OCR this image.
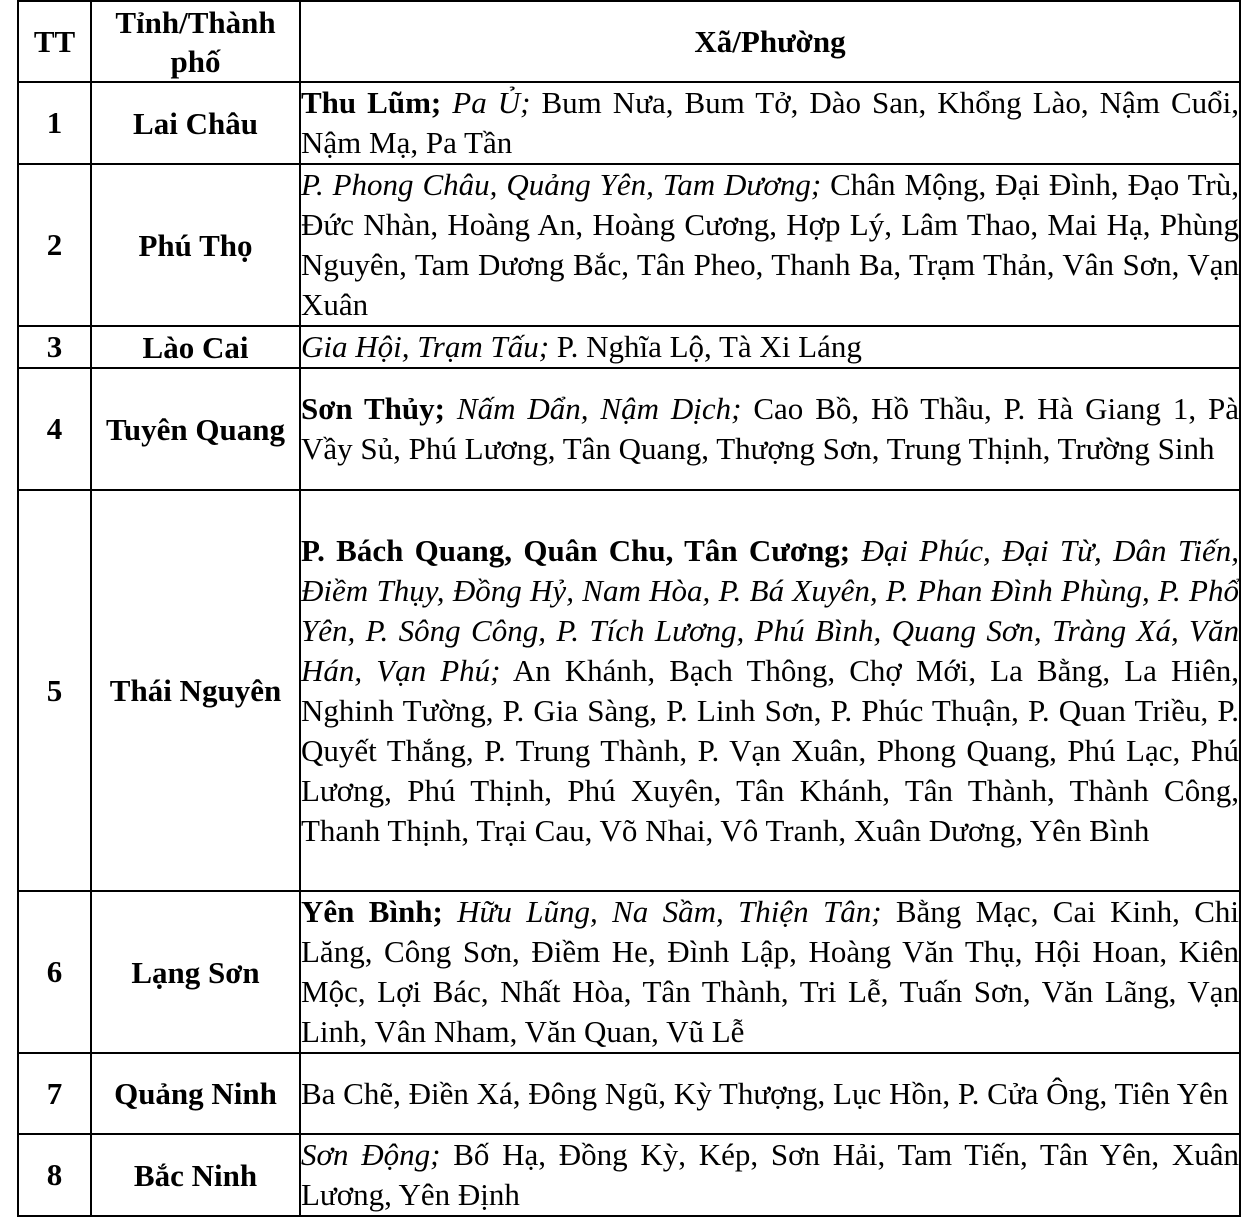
TT	Tỉnh/Thành phố	Xã/Phường
1	Lai Châu	Thu Lũm; Pa Ủ; Bum Nưa, Bum Tở, Dào San, Khổng Lào, Nậm Cuổi, Nậm Mạ, Pa Tần
2	Phú Thọ	P. Phong Châu, Quảng Yên, Tam Dương; Chân Mộng, Đại Đình, Đạo Trù, Đức Nhàn, Hoàng An, Hoàng Cương, Hợp Lý, Lâm Thao, Mai Hạ, Phùng Nguyên, Tam Dương Bắc, Tân Pheo, Thanh Ba, Trạm Thản, Vân Sơn, Vạn Xuân
3	Lào Cai	Gia Hội, Trạm Tấu; P. Nghĩa Lộ, Tà Xi Láng
4	Tuyên Quang	Sơn Thủy; Nấm Dẩn, Nậm Dịch; Cao Bồ, Hồ Thầu, P. Hà Giang 1, Pà Vầy Sủ, Phú Lương, Tân Quang, Thượng Sơn, Trung Thịnh, Trường Sinh
5	Thái Nguyên	P. Bách Quang, Quân Chu, Tân Cương; Đại Phúc, Đại Từ, Dân Tiến, Điềm Thụy, Đồng Hỷ, Nam Hòa, P. Bá Xuyên, P. Phan Đình Phùng, P. Phổ Yên, P. Sông Công, P. Tích Lương, Phú Bình, Quang Sơn, Tràng Xá, Văn Hán, Vạn Phú; An Khánh, Bạch Thông, Chợ Mới, La Bằng, La Hiên, Nghinh Tường, P. Gia Sàng, P. Linh Sơn, P. Phúc Thuận, P. Quan Triều, P. Quyết Thắng, P. Trung Thành, P. Vạn Xuân, Phong Quang, Phú Lạc, Phú Lương, Phú Thịnh, Phú Xuyên, Tân Khánh, Tân Thành, Thành Công, Thanh Thịnh, Trại Cau, Võ Nhai, Vô Tranh, Xuân Dương, Yên Bình
6	Lạng Sơn	Yên Bình; Hữu Lũng, Na Sầm, Thiện Tân; Bằng Mạc, Cai Kinh, Chi Lăng, Công Sơn, Điềm He, Đình Lập, Hoàng Văn Thụ, Hội Hoan, Kiên Mộc, Lợi Bác, Nhất Hòa, Tân Thành, Tri Lễ, Tuấn Sơn, Văn Lãng, Vạn Linh, Vân Nham, Văn Quan, Vũ Lễ
7	Quảng Ninh	Ba Chẽ, Điền Xá, Đông Ngũ, Kỳ Thượng, Lục Hồn, P. Cửa Ông, Tiên Yên
8	Bắc Ninh	Sơn Động; Bố Hạ, Đồng Kỳ, Kép, Sơn Hải, Tam Tiến, Tân Yên, Xuân Lương, Yên Định
